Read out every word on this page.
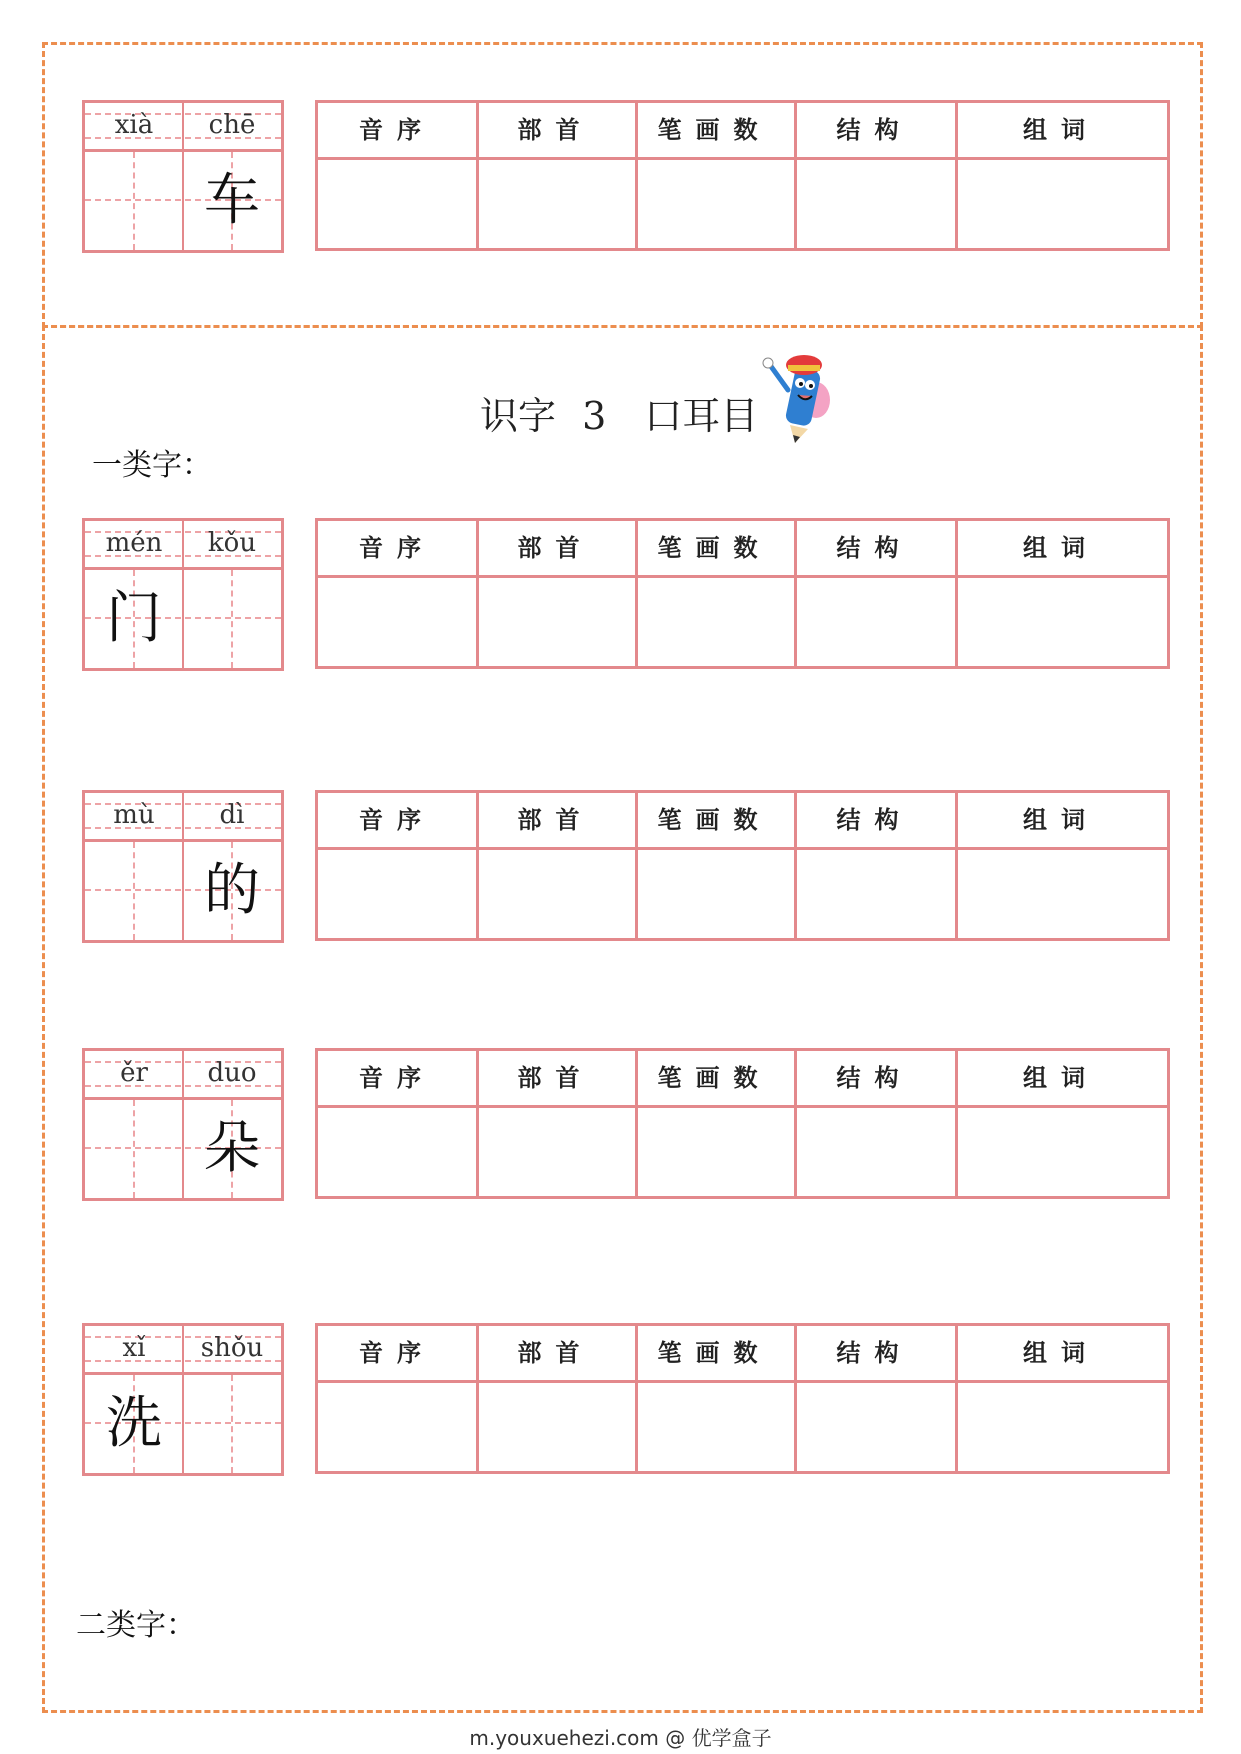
识字 3　口耳目
一类字：
二类字：
xià	chē
车
音序	部首	笔画数	结构	组词
mén	kǒu
门
音序	部首	笔画数	结构	组词
mù	dì
的
音序	部首	笔画数	结构	组词
ěr	duo
朵
音序	部首	笔画数	结构	组词
xǐ	shǒu
洗
音序	部首	笔画数	结构	组词
m.youxuehezi.com @ 优学盒子
